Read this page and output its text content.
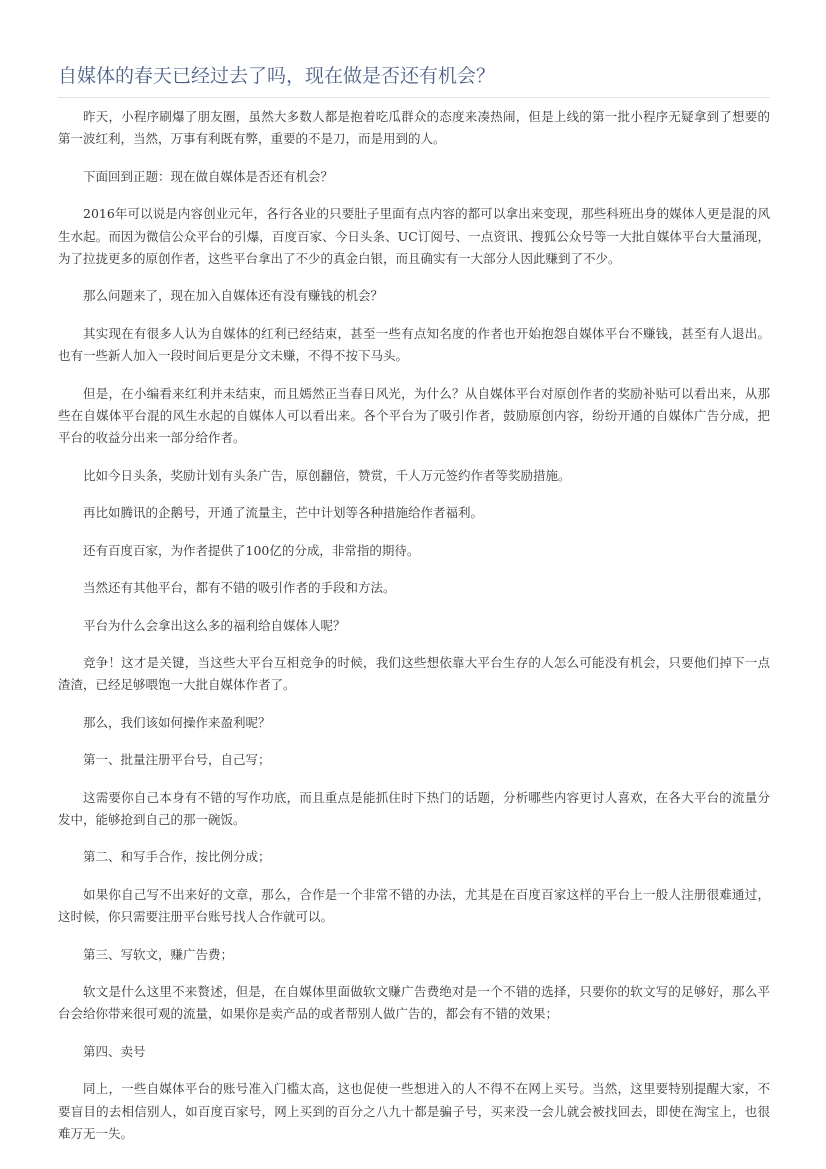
自媒体的春天已经过去了吗，现在做是否还有机会？

昨天，小程序刷爆了朋友圈，虽然大多数人都是抱着吃瓜群众的态度来凑热闹，但是上线的第一批小程序无疑拿到了想要的第一波红利，当然，万事有利既有弊，重要的不是刀，而是用到的人。

下面回到正题：现在做自媒体是否还有机会？

2016年可以说是内容创业元年，各行各业的只要肚子里面有点内容的都可以拿出来变现，那些科班出身的媒体人更是混的风生水起。而因为微信公众平台的引爆，百度百家、今日头条、UC订阅号、一点资讯、搜狐公众号等一大批自媒体平台大量涌现，为了拉拢更多的原创作者，这些平台拿出了不少的真金白银，而且确实有一大部分人因此赚到了不少。

那么问题来了，现在加入自媒体还有没有赚钱的机会？

其实现在有很多人认为自媒体的红利已经结束，甚至一些有点知名度的作者也开始抱怨自媒体平台不赚钱，甚至有人退出。也有一些新人加入一段时间后更是分文未赚，不得不按下马头。

但是，在小编看来红利并未结束，而且嫣然正当春日风光，为什么？从自媒体平台对原创作者的奖励补贴可以看出来，从那些在自媒体平台混的风生水起的自媒体人可以看出来。各个平台为了吸引作者，鼓励原创内容，纷纷开通的自媒体广告分成，把平台的收益分出来一部分给作者。

比如今日头条，奖励计划有头条广告，原创翻倍，赞赏，千人万元签约作者等奖励措施。

再比如腾讯的企鹅号，开通了流量主，芒中计划等各种措施给作者福利。

还有百度百家，为作者提供了100亿的分成，非常指的期待。

当然还有其他平台，都有不错的吸引作者的手段和方法。

平台为什么会拿出这么多的福利给自媒体人呢？

竞争！这才是关键，当这些大平台互相竞争的时候，我们这些想依靠大平台生存的人怎么可能没有机会，只要他们掉下一点渣渣，已经足够喂饱一大批自媒体作者了。

那么，我们该如何操作来盈利呢？

第一、批量注册平台号，自己写；

这需要你自己本身有不错的写作功底，而且重点是能抓住时下热门的话题，分析哪些内容更讨人喜欢，在各大平台的流量分发中，能够抢到自己的那一碗饭。

第二、和写手合作，按比例分成；

如果你自己写不出来好的文章，那么，合作是一个非常不错的办法，尤其是在百度百家这样的平台上一般人注册很难通过，这时候，你只需要注册平台账号找人合作就可以。

第三、写软文，赚广告费；

软文是什么这里不来赘述，但是，在自媒体里面做软文赚广告费绝对是一个不错的选择，只要你的软文写的足够好，那么平台会给你带来很可观的流量，如果你是卖产品的或者帮别人做广告的，都会有不错的效果；

第四、卖号

同上，一些自媒体平台的账号准入门槛太高，这也促使一些想进入的人不得不在网上买号。当然，这里要特别提醒大家，不要盲目的去相信别人，如百度百家号，网上买到的百分之八九十都是骗子号，买来没一会儿就会被找回去，即使在淘宝上，也很难万无一失。
